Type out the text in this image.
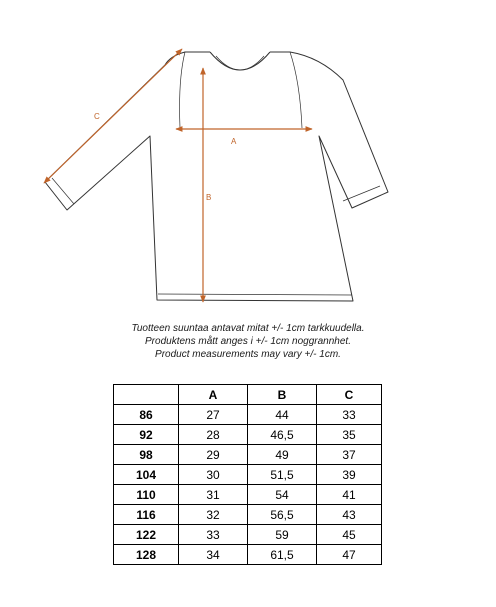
A
B
C
Tuotteen suuntaa antavat mitat +/- 1cm tarkkuudella.
Produktens mått anges i +/- 1cm noggrannhet.
Product measurements may vary +/- 1cm.
	A	B	C
86	27	44	33
92	28	46,5	35
98	29	49	37
104	30	51,5	39
110	31	54	41
116	32	56,5	43
122	33	59	45
128	34	61,5	47
